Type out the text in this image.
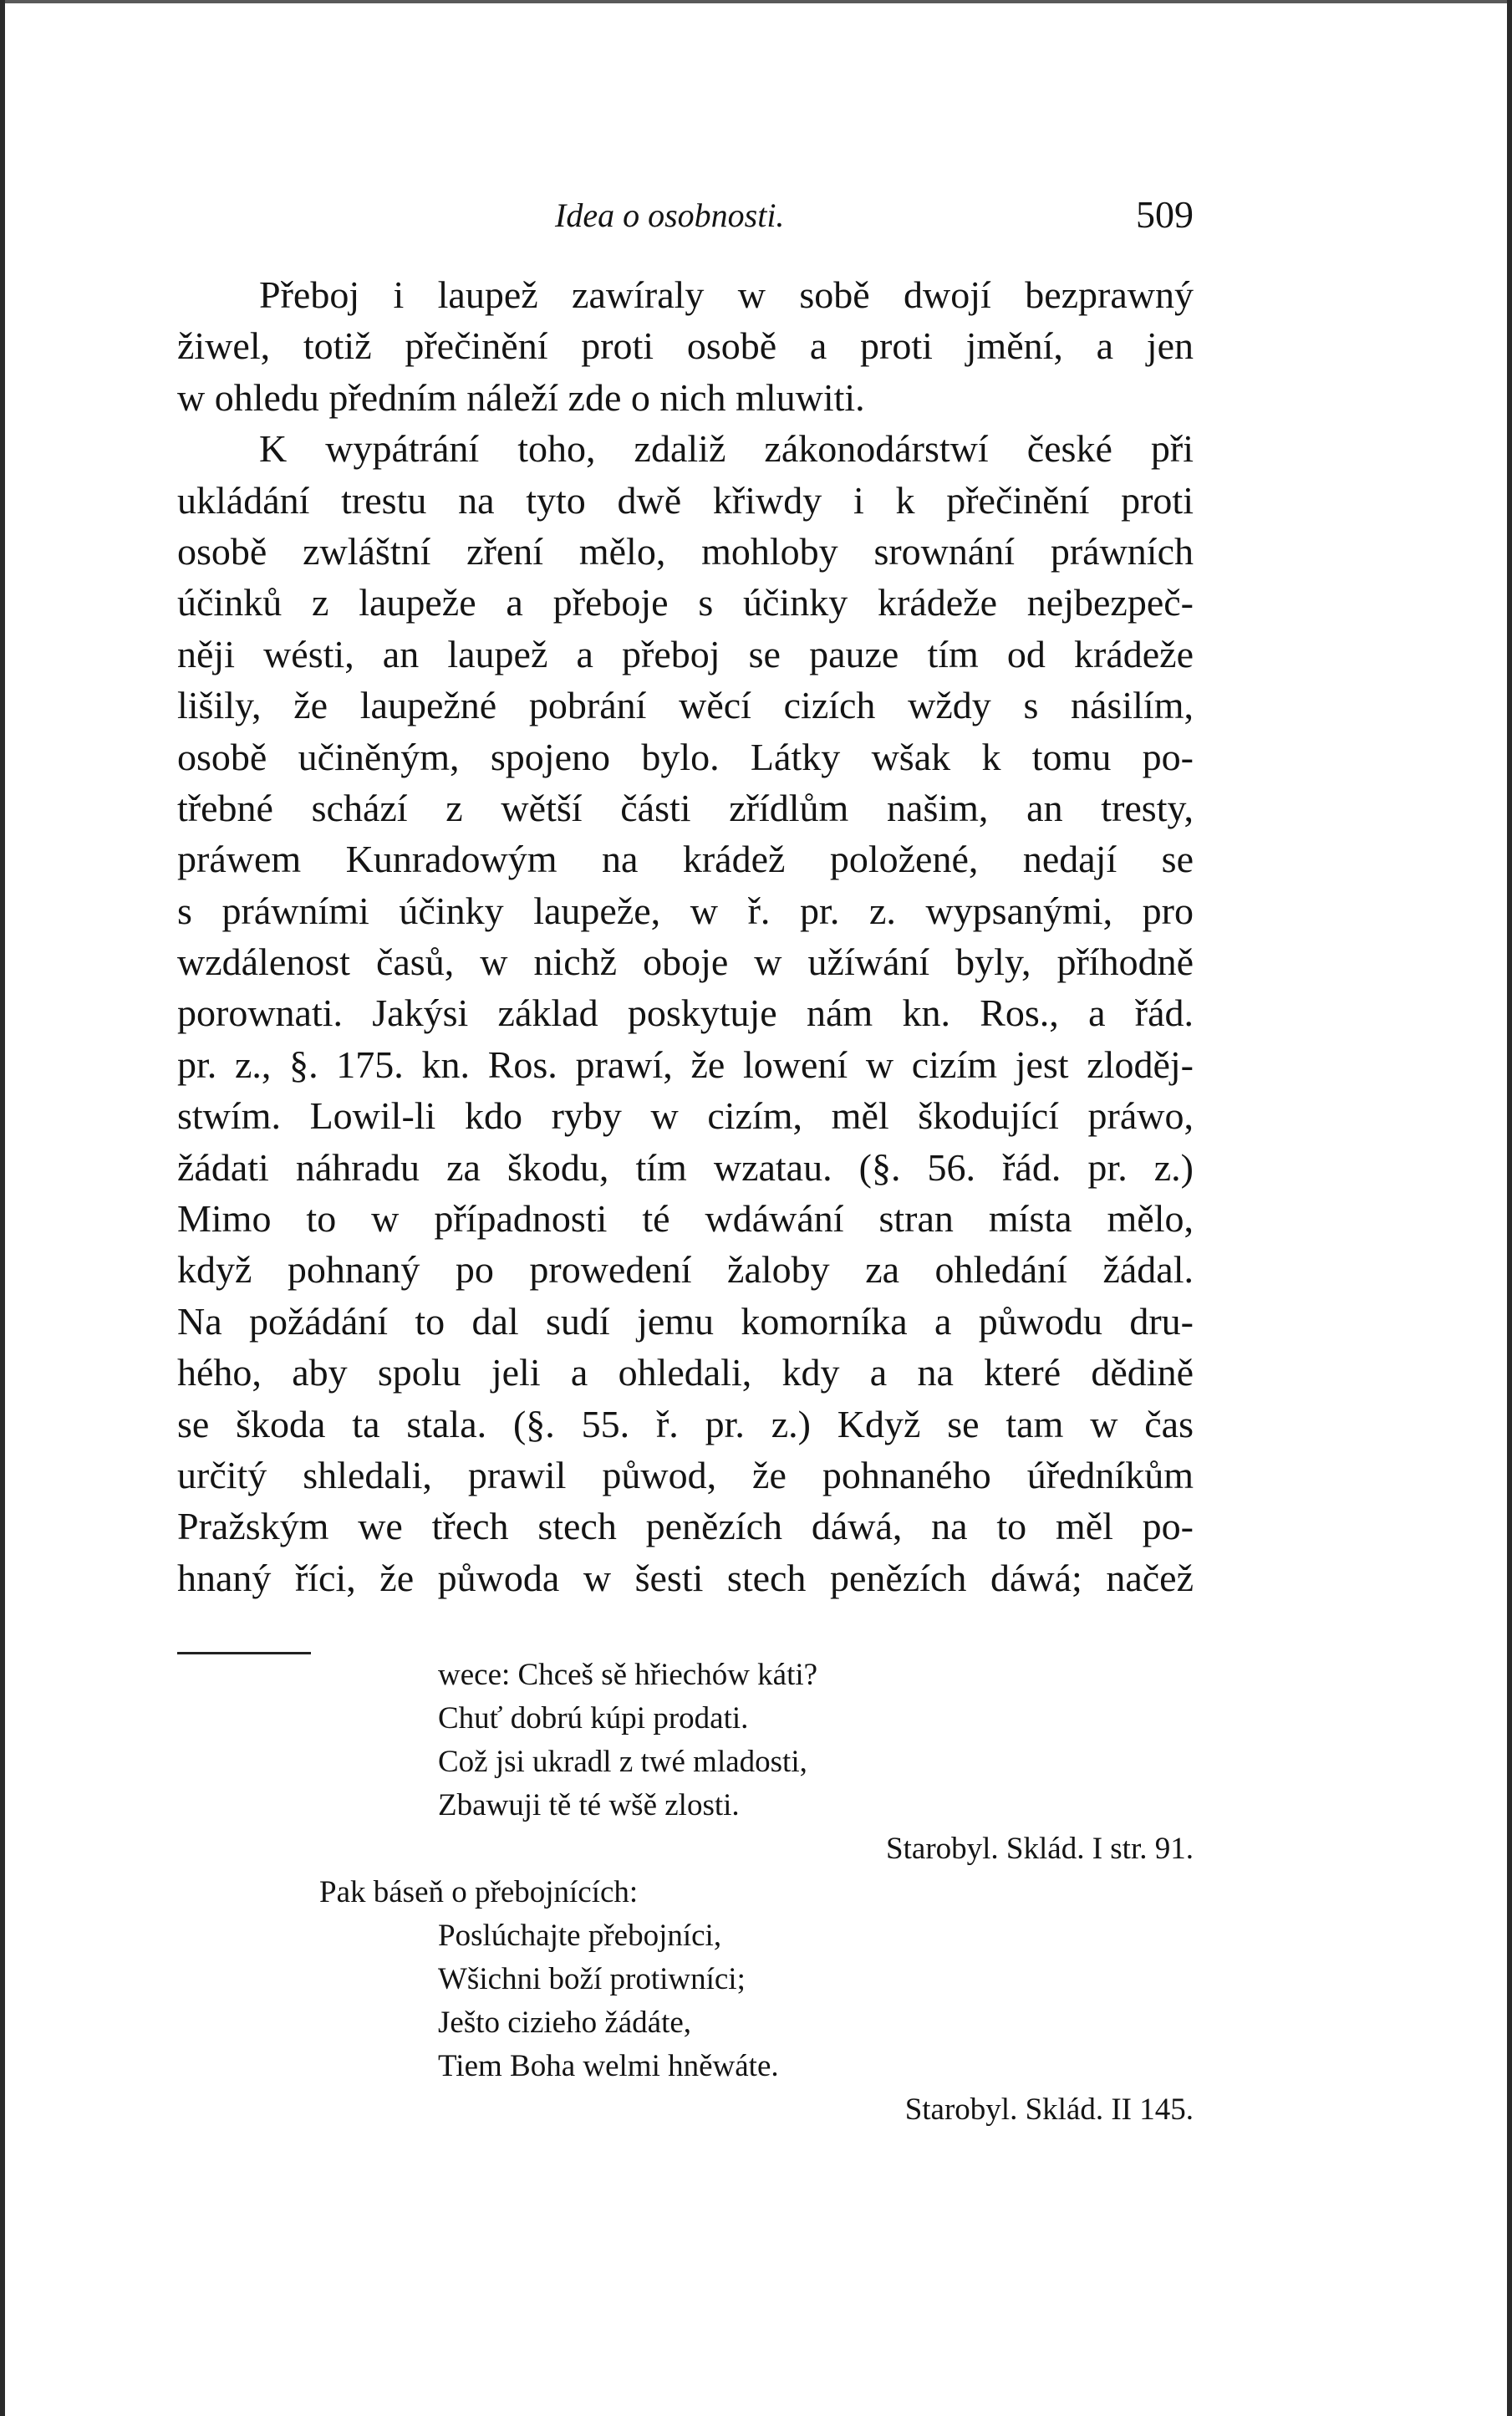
Idea o osobnosti.	509
Přeboj i laupež zawíraly w sobě dwojí bezprawný
žiwel, totiž přečinění proti osobě a proti jmění, a jen
w ohledu předním náleží zde o nich mluwiti.
K wypátrání toho, zdaliž zákonodárstwí české při
ukládání trestu na tyto dwě křiwdy i k přečinění proti
osobě zwláštní zření mělo, mohloby srownání práwních
účinků z laupeže a přeboje s účinky krádeže nejbezpeč-
něji wésti, an laupež a přeboj se pauze tím od krádeže
lišily, že laupežné pobrání wěcí cizích wždy s násilím,
osobě učiněným, spojeno bylo. Látky wšak k tomu po-
třebné schází z wětší části zřídlům našim, an tresty,
práwem Kunradowým na krádež položené, nedají se
s práwními účinky laupeže, w ř. pr. z. wypsanými, pro
wzdálenost časů, w nichž oboje w užíwání byly, příhodně
porownati. Jakýsi základ poskytuje nám kn. Ros., a řád.
pr. z., §. 175. kn. Ros. prawí, že lowení w cizím jest zloděj-
stwím. Lowil-li kdo ryby w cizím, měl škodující práwo,
žádati náhradu za škodu, tím wzatau. (§. 56. řád. pr. z.)
Mimo to w případnosti té wdáwání stran místa mělo,
když pohnaný po prowedení žaloby za ohledání žádal.
Na požádání to dal sudí jemu komorníka a půwodu dru-
hého, aby spolu jeli a ohledali, kdy a na které dědině
se škoda ta stala. (§. 55. ř. pr. z.) Když se tam w čas
určitý shledali, prawil půwod, že pohnaného úředníkům
Pražským we třech stech penězích dáwá, na to měl po-
hnaný říci, že půwoda w šesti stech penězích dáwá; načež
wece: Chceš sě hřiechów káti?
Chuť dobrú kúpi prodati.
Což jsi ukradl z twé mladosti,
Zbawuji tě té wšě zlosti.
Starobyl. Sklád. I str. 91.
Pak báseň o přebojnících:
Poslúchajte přebojníci,
Wšichni boží protiwníci;
Ješto cizieho žádáte,
Tiem Boha welmi hněwáte.
Starobyl. Sklád. II 145.
